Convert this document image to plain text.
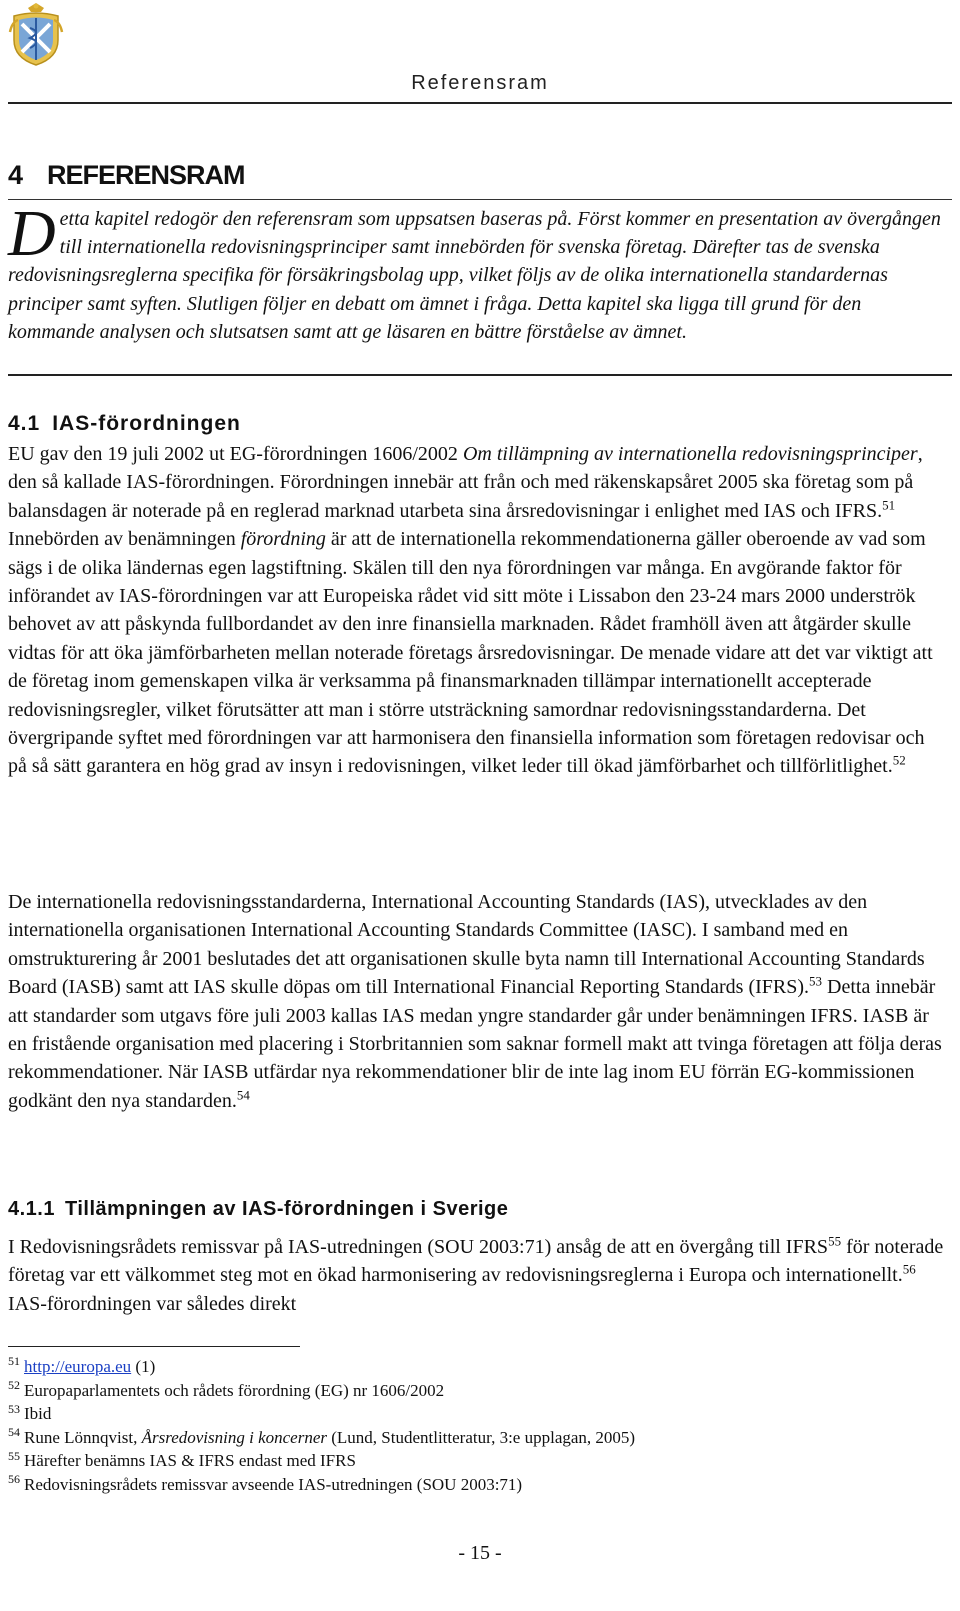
Referensram
4 REFERENSRAM

Detta kapitel redogör den referensram som uppsatsen baseras på. Först kommer en presentation av övergången till internationella redovisningsprinciper samt innebörden för svenska företag. Därefter tas de svenska redovisningsreglerna specifika för försäkringsbolag upp, vilket följs av de olika internationella standardernas principer samt syften. Slutligen följer en debatt om ämnet i fråga. Detta kapitel ska ligga till grund för den kommande analysen och slutsatsen samt att ge läsaren en bättre förståelse av ämnet.

4.1 IAS-förordningen

EU gav den 19 juli 2002 ut EG-förordningen 1606/2002 Om tillämpning av internationella redovisningsprinciper, den så kallade IAS-förordningen. Förordningen innebär att från och med räkenskapsåret 2005 ska företag som på balansdagen är noterade på en reglerad marknad utarbeta sina årsredovisningar i enlighet med IAS och IFRS.$^{51}$ Innebörden av benämningen förordning är att de internationella rekommendationerna gäller oberoende av vad som sägs i de olika ländernas egen lagstiftning. Skälen till den nya förordningen var många. En avgörande faktor för införandet av IAS-förordningen var att Europeiska rådet vid sitt möte i Lissabon den 23-24 mars 2000 underströk behovet av att påskynda fullbordandet av den inre finansiella marknaden. Rådet framhöll även att åtgärder skulle vidtas för att öka jämförbarheten mellan noterade företags årsredovisningar. De menade vidare att det var viktigt att de företag inom gemenskapen vilka är verksamma på finansmarknaden tillämpar internationellt accepterade redovisningsregler, vilket förutsätter att man i större utsträckning samordnar redovisningsstandarderna. Det övergripande syftet med förordningen var att harmonisera den finansiella information som företagen redovisar och på så sätt garantera en hög grad av insyn i redovisningen, vilket leder till ökad jämförbarhet och tillförlitlighet.$^{52}$

De internationella redovisningsstandarderna, International Accounting Standards (IAS), utvecklades av den internationella organisationen International Accounting Standards Committee (IASC). I samband med en omstrukturering år 2001 beslutades det att organisationen skulle byta namn till International Accounting Standards Board (IASB) samt att IAS skulle döpas om till International Financial Reporting Standards (IFRS).$^{53}$ Detta innebär att standarder som utgavs före juli 2003 kallas IAS medan yngre standarder går under benämningen IFRS. IASB är en fristående organisation med placering i Storbritannien som saknar formell makt att tvinga företagen att följa deras rekommendationer. När IASB utfärdar nya rekommendationer blir de inte lag inom EU förrän EG-kommissionen godkänt den nya standarden.$^{54}$

4.1.1 Tillämpningen av IAS-förordningen i Sverige

I Redovisningsrådets remissvar på IAS-utredningen (SOU 2003:71) ansåg de att en övergång till IFRS$^{55}$ för noterade företag var ett välkommet steg mot en ökad harmonisering av redovisningsreglerna i Europa och internationellt.$^{56}$ IAS-förordningen var således direkt

$^{51}$ http://europa.eu (1)
$^{52}$ Europaparlamentets och rådets förordning (EG) nr 1606/2002
$^{53}$ Ibid
$^{54}$ Rune Lönnqvist, Årsredovisning i koncerner (Lund, Studentlitteratur, 3:e upplagan, 2005)
$^{55}$ Härefter benämns IAS & IFRS endast med IFRS
$^{56}$ Redovisningsrådets remissvar avseende IAS-utredningen (SOU 2003:71)
- 15 -
